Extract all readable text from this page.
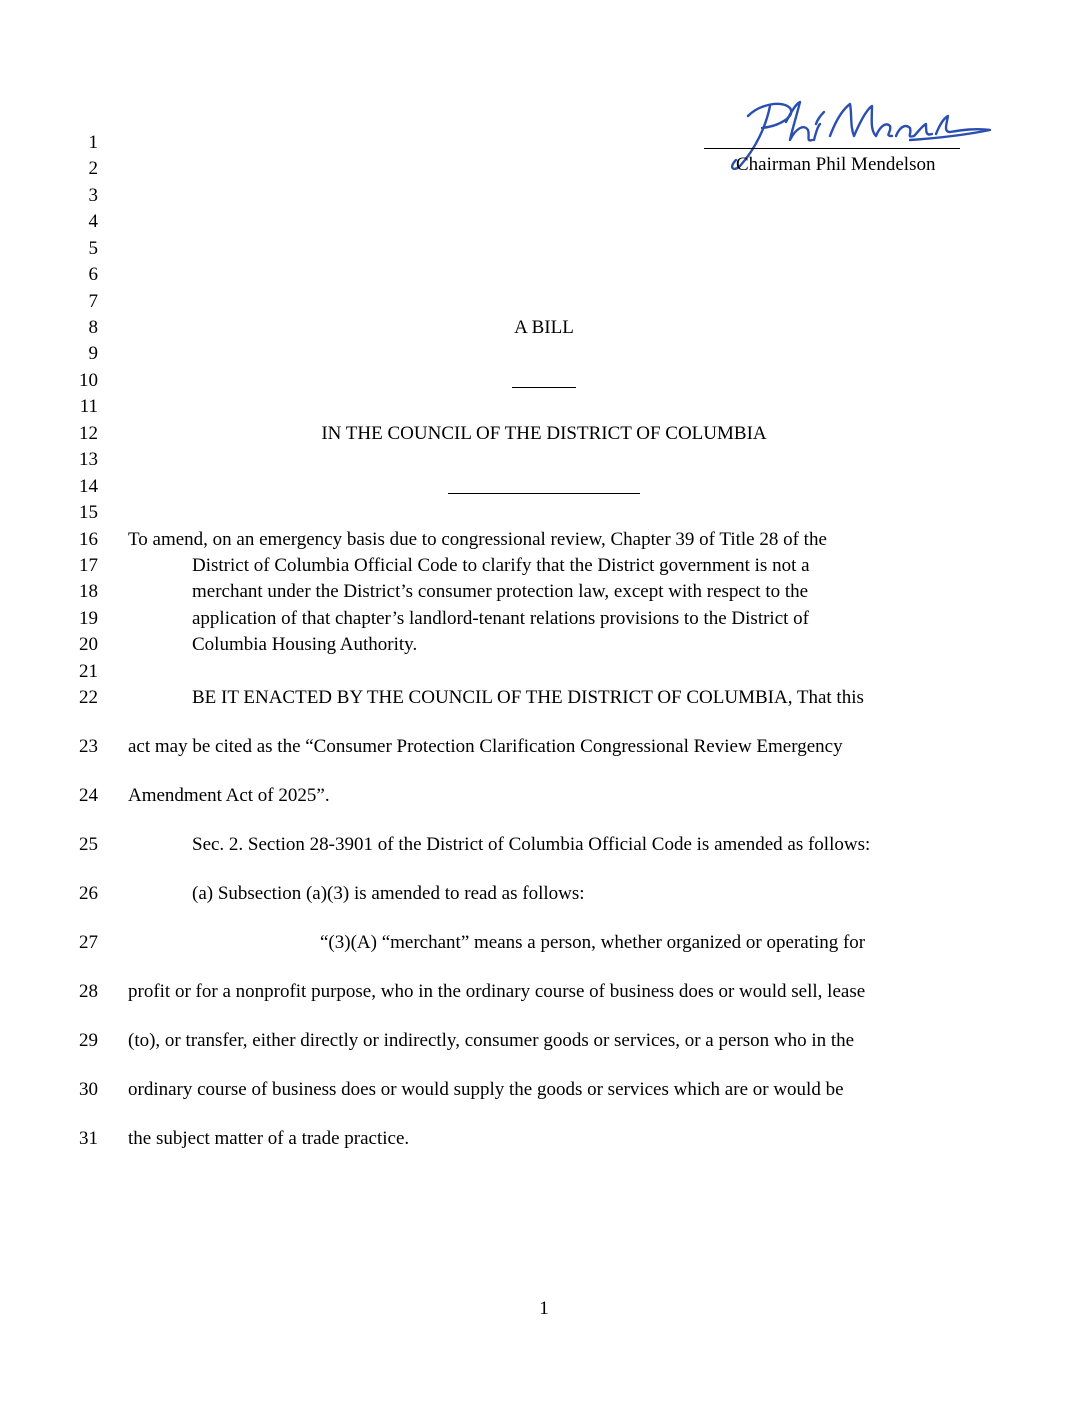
Chairman Phil Mendelson
1
2
3
4
5
6
7
8
9
10
11
12
13
14
15
16
17
18
19
20
21
22
23
24
25
26
27
28
29
30
31
A BILL
IN THE COUNCIL OF THE DISTRICT OF COLUMBIA
To amend, on an emergency basis due to congressional review, Chapter 39 of Title 28 of the
District of Columbia Official Code to clarify that the District government is not a
merchant under the District’s consumer protection law, except with respect to the
application of that chapter’s landlord-tenant relations provisions to the District of
Columbia Housing Authority.
BE IT ENACTED BY THE COUNCIL OF THE DISTRICT OF COLUMBIA, That this
act may be cited as the “Consumer Protection Clarification Congressional Review Emergency
Amendment Act of 2025”.
Sec. 2. Section 28-3901 of the District of Columbia Official Code is amended as follows:
(a) Subsection (a)(3) is amended to read as follows:
“(3)(A) “merchant” means a person, whether organized or operating for
profit or for a nonprofit purpose, who in the ordinary course of business does or would sell, lease
(to), or transfer, either directly or indirectly, consumer goods or services, or a person who in the
ordinary course of business does or would supply the goods or services which are or would be
the subject matter of a trade practice.
1
